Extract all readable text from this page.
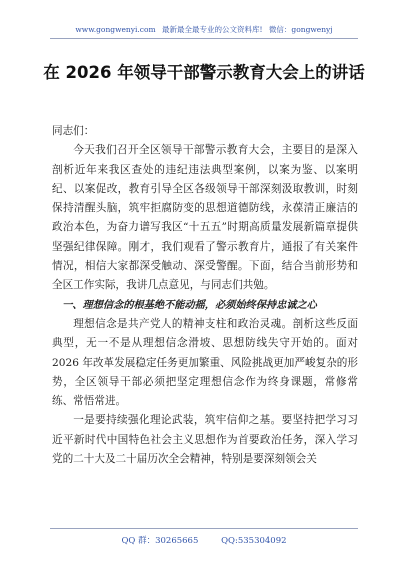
www.gongwenyi.com 最新最全最专业的公文资料库! 微信：gongwenyj
在 2026 年领导干部警示教育大会上的讲话

同志们：

今天我们召开全区领导干部警示教育大会，主要目的是深入剖析近年来我区查处的违纪违法典型案例，以案为鉴、以案明纪、以案促改，教育引导全区各级领导干部深刻汲取教训，时刻保持清醒头脑，筑牢拒腐防变的思想道德防线，永葆清正廉洁的政治本色，为奋力谱写我区“十五五”时期高质量发展新篇章提供坚强纪律保障。刚才，我们观看了警示教育片，通报了有关案件情况，相信大家都深受触动、深受警醒。下面，结合当前形势和全区工作实际，我讲几点意见，与同志们共勉。

一、理想信念的根基绝不能动摇，必须始终保持忠诚之心

理想信念是共产党人的精神支柱和政治灵魂。剖析这些反面典型，无一不是从理想信念滑坡、思想防线失守开始的。面对 2026 年改革发展稳定任务更加繁重、风险挑战更加严峻复杂的形势，全区领导干部必须把坚定理想信念作为终身课题，常修常练、常悟常进。

一是要持续强化理论武装，筑牢信仰之基。要坚持把学习习近平新时代中国特色社会主义思想作为首要政治任务，深入学习党的二十大及二十届历次全会精神，特别是要深刻领会关

QQ 群：30265665	QQ:535304092
